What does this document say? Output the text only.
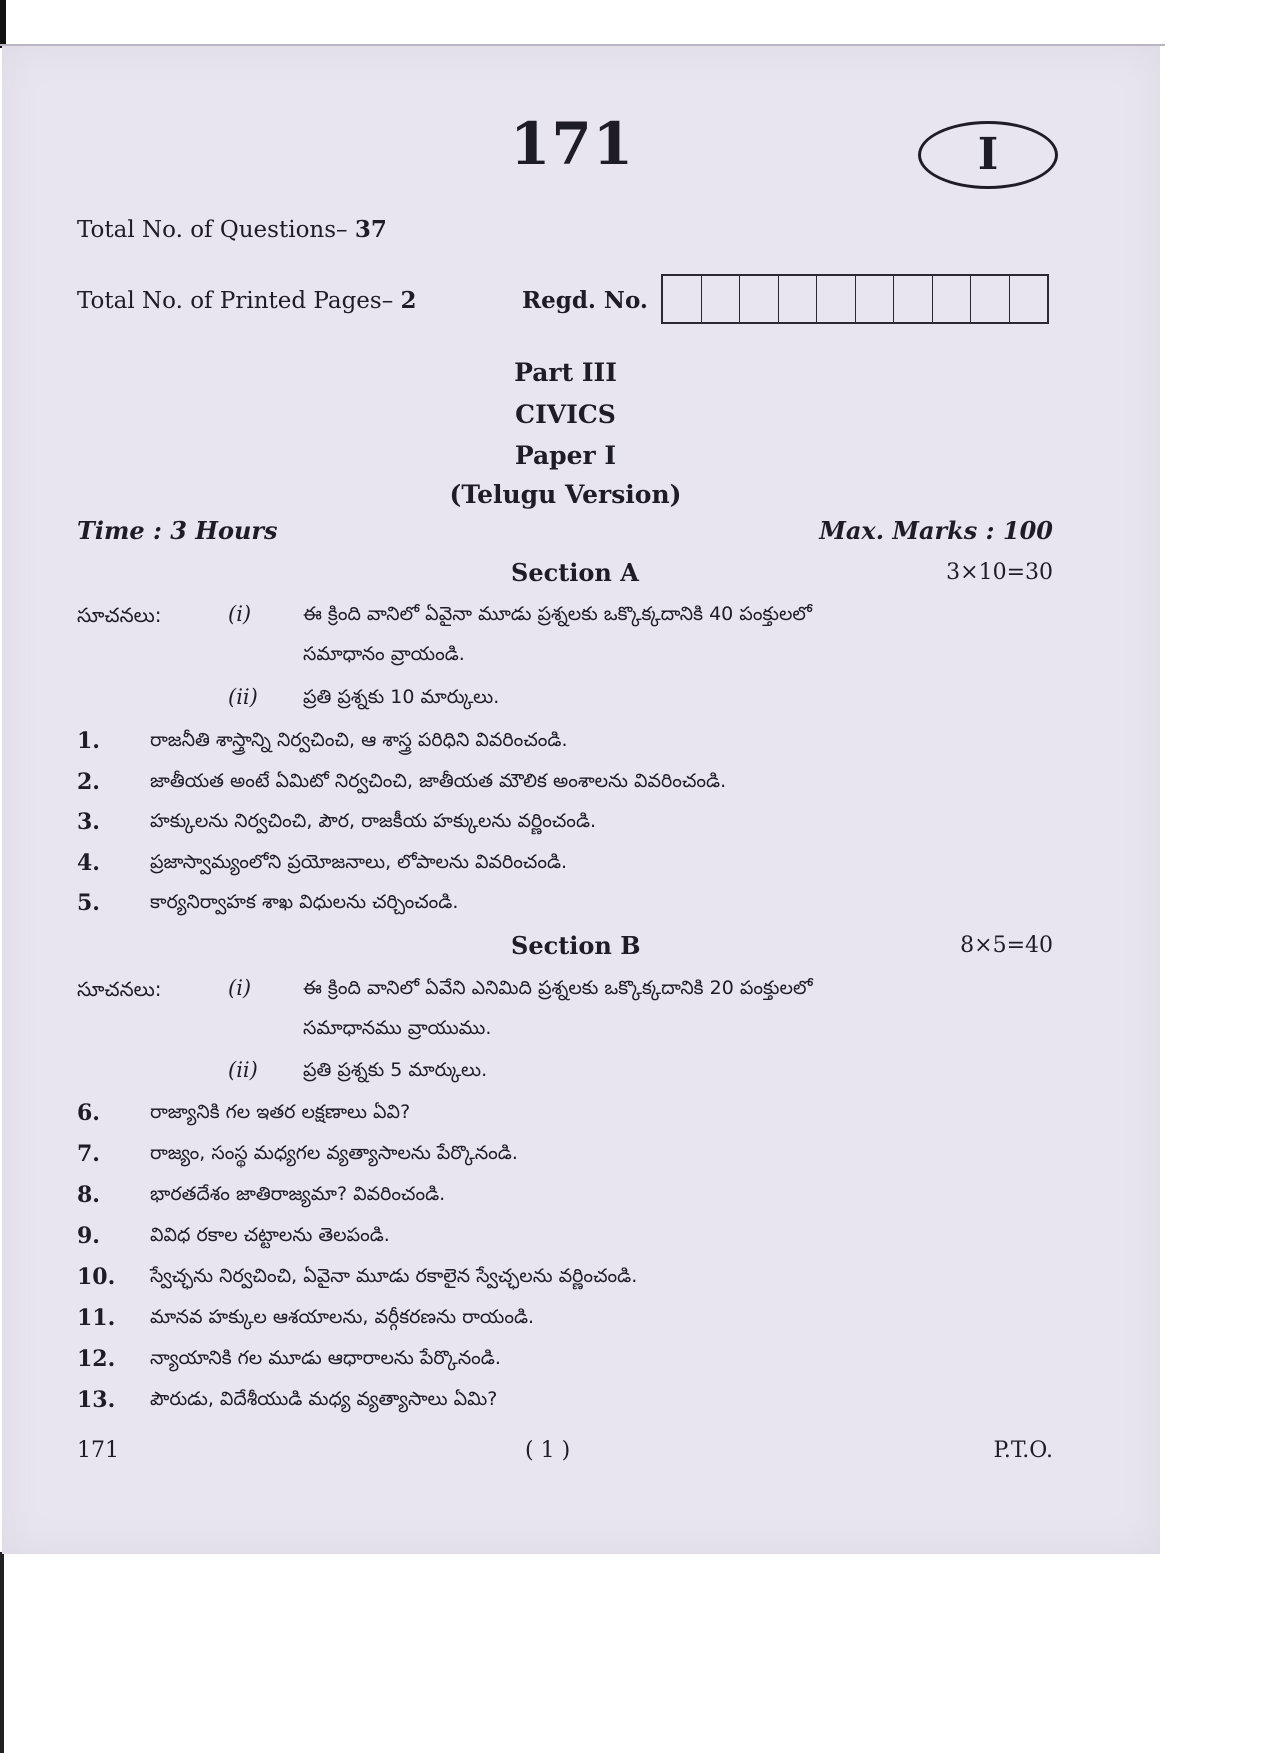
171	I
Total No. of Questions– 37
Total No. of Printed Pages– 2	Regd. No.
Part III
CIVICS
Paper I
(Telugu Version)
Time : 3 Hours	Max. Marks : 100
Section A	3×10=30
సూచనలు:	(i)	ఈ క్రింది వానిలో ఏవైనా మూడు ప్రశ్నలకు ఒక్కొక్కదానికి 40 పంక్తులలో
సమాధానం వ్రాయండి.
(ii) ప్రతి ప్రశ్నకు 10 మార్కులు.
1.	రాజనీతి శాస్త్రాన్ని నిర్వచించి, ఆ శాస్త్ర పరిధిని వివరించండి.
2.	జాతీయత అంటే ఏమిటో నిర్వచించి, జాతీయత మౌలిక అంశాలను వివరించండి.
3.	హక్కులను నిర్వచించి, పౌర, రాజకీయ హక్కులను వర్ణించండి.
4.	ప్రజాస్వామ్యంలోని ప్రయోజనాలు, లోపాలను వివరించండి.
5.	కార్యనిర్వాహక శాఖ విధులను చర్చించండి.
Section B	8×5=40
సూచనలు:	(i)	ఈ క్రింది వానిలో ఏవేని ఎనిమిది ప్రశ్నలకు ఒక్కొక్కదానికి 20 పంక్తులలో
సమాధానము వ్రాయుము.
(ii) ప్రతి ప్రశ్నకు 5 మార్కులు.
6.	రాజ్యానికి గల ఇతర లక్షణాలు ఏవి?
7.	రాజ్యం, సంస్థ మధ్యగల వ్యత్యాసాలను పేర్కొనండి.
8.	భారతదేశం జాతిరాజ్యమా? వివరించండి.
9.	వివిధ రకాల చట్టాలను తెలపండి.
10. స్వేచ్ఛను నిర్వచించి, ఏవైనా మూడు రకాలైన స్వేచ్ఛలను వర్ణించండి.
11. మానవ హక్కుల ఆశయాలను, వర్గీకరణను రాయండి.
12. న్యాయానికి గల మూడు ఆధారాలను పేర్కొనండి.
13. పౌరుడు, విదేశీయుడి మధ్య వ్యత్యాసాలు ఏమి?
171	( 1 )	P.T.O.
